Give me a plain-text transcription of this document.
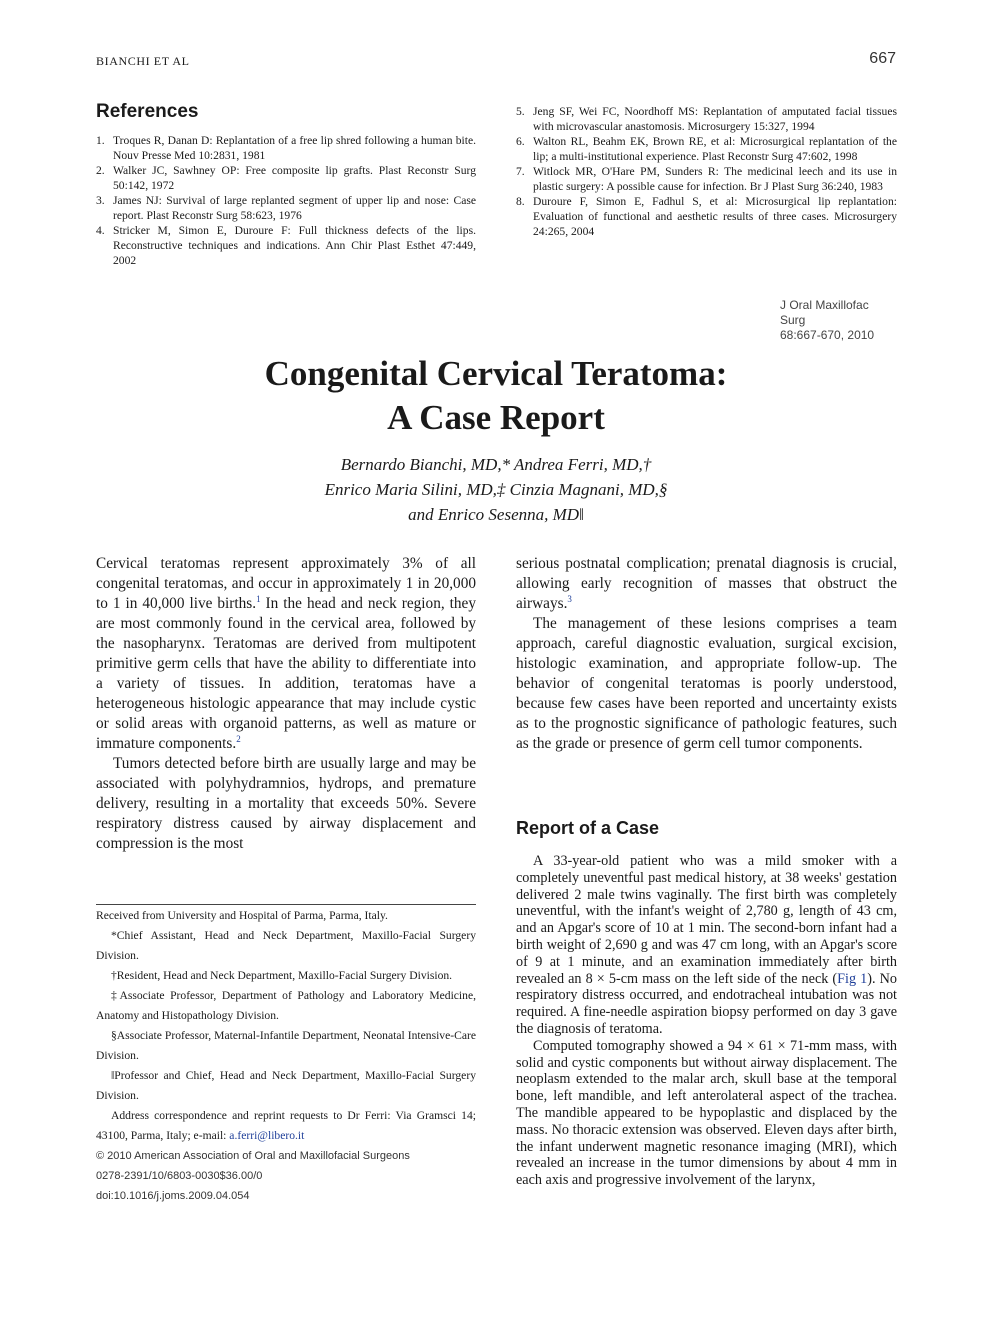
BIANCHI ET AL	667
References
1. Troques R, Danan D: Replantation of a free lip shred following a human bite. Nouv Presse Med 10:2831, 1981
2. Walker JC, Sawhney OP: Free composite lip grafts. Plast Reconstr Surg 50:142, 1972
3. James NJ: Survival of large replanted segment of upper lip and nose: Case report. Plast Reconstr Surg 58:623, 1976
4. Stricker M, Simon E, Duroure F: Full thickness defects of the lips. Reconstructive techniques and indications. Ann Chir Plast Esthet 47:449, 2002
5. Jeng SF, Wei FC, Noordhoff MS: Replantation of amputated facial tissues with microvascular anastomosis. Microsurgery 15:327, 1994
6. Walton RL, Beahm EK, Brown RE, et al: Microsurgical replantation of the lip; a multi-institutional experience. Plast Reconstr Surg 47:602, 1998
7. Witlock MR, O'Hare PM, Sunders R: The medicinal leech and its use in plastic surgery: A possible cause for infection. Br J Plast Surg 36:240, 1983
8. Duroure F, Simon E, Fadhul S, et al: Microsurgical lip replantation: Evaluation of functional and aesthetic results of three cases. Microsurgery 24:265, 2004
J Oral Maxillofac Surg
68:667-670, 2010
Congenital Cervical Teratoma:
A Case Report
Bernardo Bianchi, MD,* Andrea Ferri, MD,†
Enrico Maria Silini, MD,‡ Cinzia Magnani, MD,§
and Enrico Sesenna, MD‖

Cervical teratomas represent approximately 3% of all congenital teratomas, and occur in approximately 1 in 20,000 to 1 in 40,000 live births.$^1$ In the head and neck region, they are most commonly found in the cervical area, followed by the nasopharynx. Teratomas are derived from multipotent primitive germ cells that have the ability to differentiate into a variety of tissues. In addition, teratomas have a heterogeneous histologic appearance that may include cystic or solid areas with organoid patterns, as well as mature or immature components.$^2$

Tumors detected before birth are usually large and may be associated with polyhydramnios, hydrops, and premature delivery, resulting in a mortality that exceeds 50%. Severe respiratory distress caused by airway displacement and compression is the most

serious postnatal complication; prenatal diagnosis is crucial, allowing early recognition of masses that obstruct the airways.$^3$

The management of these lesions comprises a team approach, careful diagnostic evaluation, surgical excision, histologic examination, and appropriate follow-up. The behavior of congenital teratomas is poorly understood, because few cases have been reported and uncertainty exists as to the prognostic significance of pathologic features, such as the grade or presence of germ cell tumor components.

Report of a Case

A 33-year-old patient who was a mild smoker with a completely uneventful past medical history, at 38 weeks' gestation delivered 2 male twins vaginally. The first birth was completely uneventful, with the infant's weight of 2,780 g, length of 43 cm, and an Apgar's score of 10 at 1 min. The second-born infant had a birth weight of 2,690 g and was 47 cm long, with an Apgar's score of 9 at 1 minute, and an examination immediately after birth revealed an 8 × 5-cm mass on the left side of the neck (Fig 1). No respiratory distress occurred, and endotracheal intubation was not required. A fine-needle aspiration biopsy performed on day 3 gave the diagnosis of teratoma.

Computed tomography showed a 94 × 61 × 71-mm mass, with solid and cystic components but without airway displacement. The neoplasm extended to the malar arch, skull base at the temporal bone, left mandible, and left anterolateral aspect of the trachea. The mandible appeared to be hypoplastic and displaced by the mass. No thoracic extension was observed. Eleven days after birth, the infant underwent magnetic resonance imaging (MRI), which revealed an increase in the tumor dimensions by about 4 mm in each axis and progressive involvement of the larynx,

Received from University and Hospital of Parma, Parma, Italy.

*Chief Assistant, Head and Neck Department, Maxillo-Facial Surgery Division.

†Resident, Head and Neck Department, Maxillo-Facial Surgery Division.

‡Associate Professor, Department of Pathology and Laboratory Medicine, Anatomy and Histopathology Division.

§Associate Professor, Maternal-Infantile Department, Neonatal Intensive-Care Division.

‖Professor and Chief, Head and Neck Department, Maxillo-Facial Surgery Division.

Address correspondence and reprint requests to Dr Ferri: Via Gramsci 14; 43100, Parma, Italy; e-mail: a.ferri@libero.it

© 2010 American Association of Oral and Maxillofacial Surgeons

0278-2391/10/6803-0030$36.00/0

doi:10.1016/j.joms.2009.04.054
